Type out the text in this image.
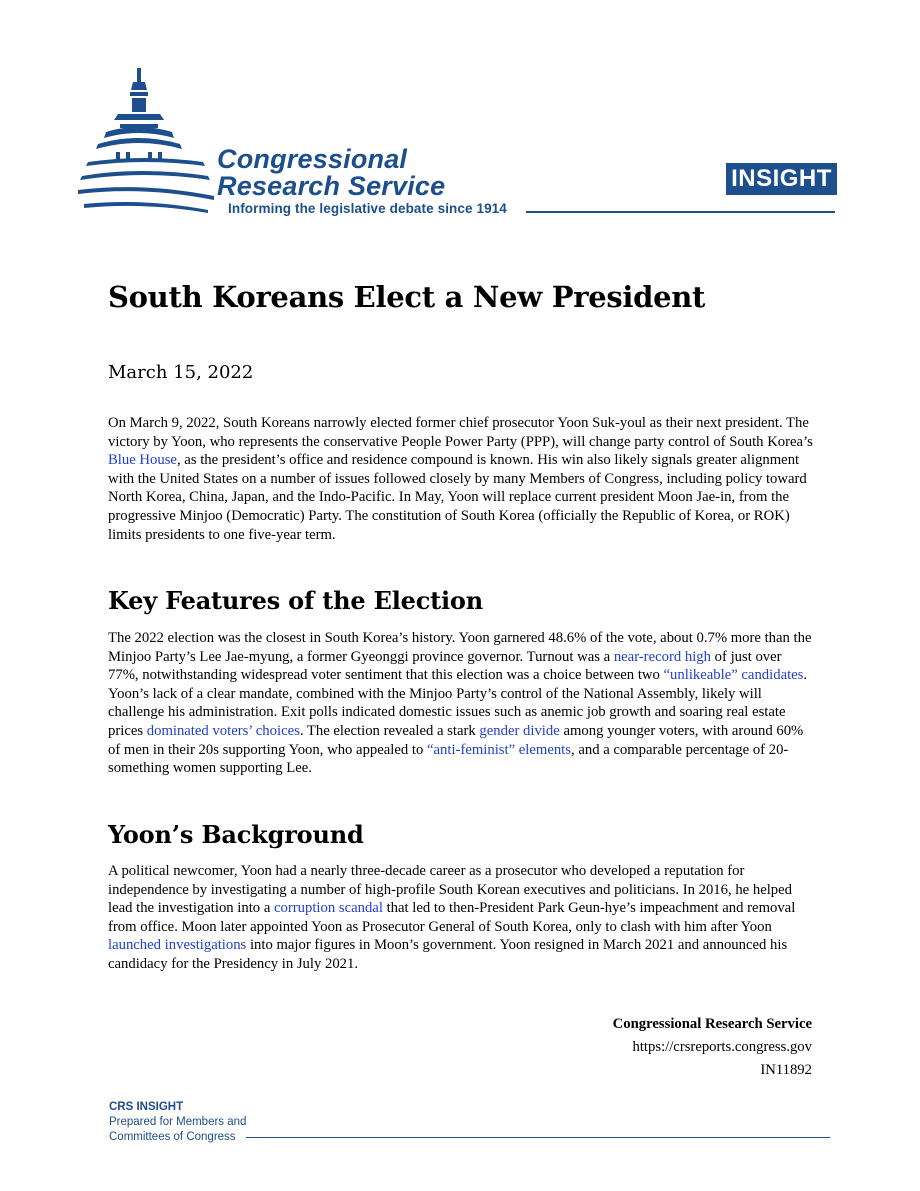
Congressional
Research Service
Informing the legislative debate since 1914
INSIGHT
South Koreans Elect a New President
March 15, 2022

On March 9, 2022, South Koreans narrowly elected former chief prosecutor Yoon Suk-youl as their next president. The victory by Yoon, who represents the conservative People Power Party (PPP), will change party control of South Korea’s Blue House, as the president’s office and residence compound is known. His win also likely signals greater alignment with the United States on a number of issues followed closely by many Members of Congress, including policy toward North Korea, China, Japan, and the Indo-Pacific. In May, Yoon will replace current president Moon Jae-in, from the progressive Minjoo (Democratic) Party. The constitution of South Korea (officially the Republic of Korea, or ROK) limits presidents to one five-year term.

Key Features of the Election

The 2022 election was the closest in South Korea’s history. Yoon garnered 48.6% of the vote, about 0.7% more than the Minjoo Party’s Lee Jae-myung, a former Gyeonggi province governor. Turnout was a near-record high of just over 77%, notwithstanding widespread voter sentiment that this election was a choice between two “unlikeable” candidates. Yoon’s lack of a clear mandate, combined with the Minjoo Party’s control of the National Assembly, likely will challenge his administration. Exit polls indicated domestic issues such as anemic job growth and soaring real estate prices dominated voters’ choices. The election revealed a stark gender divide among younger voters, with around 60% of men in their 20s supporting Yoon, who appealed to “anti-feminist” elements, and a comparable percentage of 20-something women supporting Lee.

Yoon’s Background

A political newcomer, Yoon had a nearly three-decade career as a prosecutor who developed a reputation for independence by investigating a number of high-profile South Korean executives and politicians. In 2016, he helped lead the investigation into a corruption scandal that led to then-President Park Geun-hye’s impeachment and removal from office. Moon later appointed Yoon as Prosecutor General of South Korea, only to clash with him after Yoon launched investigations into major figures in Moon’s government. Yoon resigned in March 2021 and announced his candidacy for the Presidency in July 2021.

Congressional Research Service
https://crsreports.congress.gov
IN11892
CRS INSIGHT
Prepared for Members and
Committees of Congress
